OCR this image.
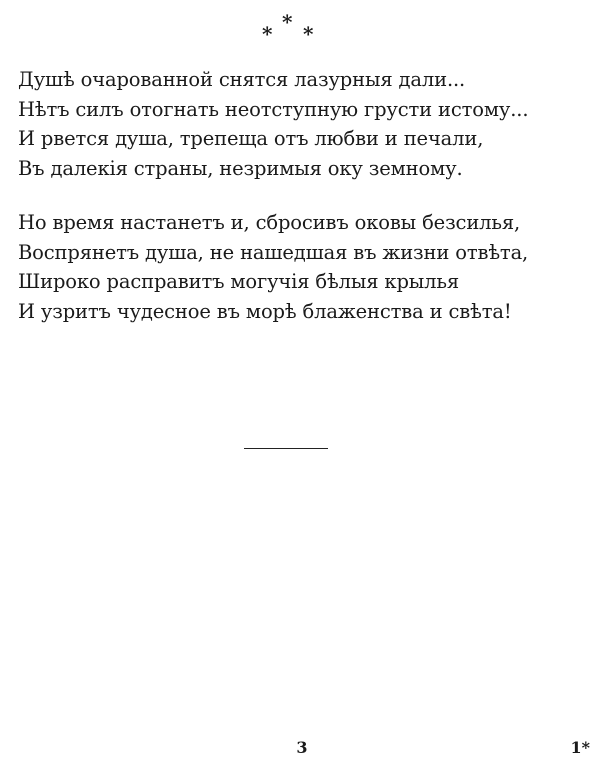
* * *
Душѣ очарованной снятся лазурныя дали...
Нѣтъ силъ отогнать неотступную грусти истому...
И рвется душа, трепеща отъ любви и печали,
Въ далекія страны, незримыя оку земному.
Но время настанетъ и, сбросивъ оковы безсилья,
Воспрянетъ душа, не нашедшая въ жизни отвѣта,
Широко расправитъ могучія бѣлыя крылья
И узритъ чудесное въ морѣ блаженства и свѣта!
3	1*
